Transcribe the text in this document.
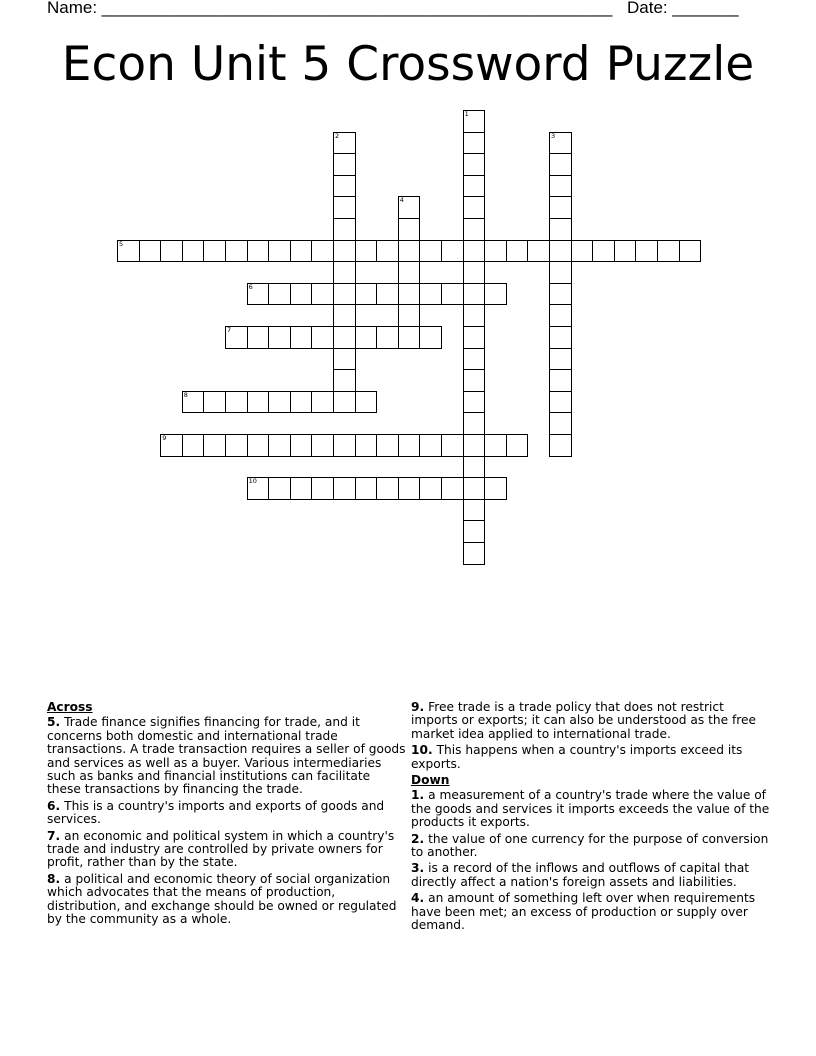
Name: ______________________________________________________ Date: _______
Econ Unit 5 Crossword Puzzle
1
2	3
4
5
6
7
8
9
10
Across
5. Trade finance signifies financing for trade, and it concerns both domestic and international trade transactions. A trade transaction requires a seller of goods and services as well as a buyer. Various intermediaries such as banks and financial institutions can facilitate these transactions by financing the trade.
6. This is a country's imports and exports of goods and services.
7. an economic and political system in which a country's trade and industry are controlled by private owners for profit, rather than by the state.
8. a political and economic theory of social organization which advocates that the means of production, distribution, and exchange should be owned or regulated by the community as a whole.
9. Free trade is a trade policy that does not restrict imports or exports; it can also be understood as the free market idea applied to international trade.
10. This happens when a country's imports exceed its exports.
Down
1. a measurement of a country's trade where the value of the goods and services it imports exceeds the value of the products it exports.
2. the value of one currency for the purpose of conversion to another.
3. is a record of the inflows and outflows of capital that directly affect a nation's foreign assets and liabilities.
4. an amount of something left over when requirements have been met; an excess of production or supply over demand.
